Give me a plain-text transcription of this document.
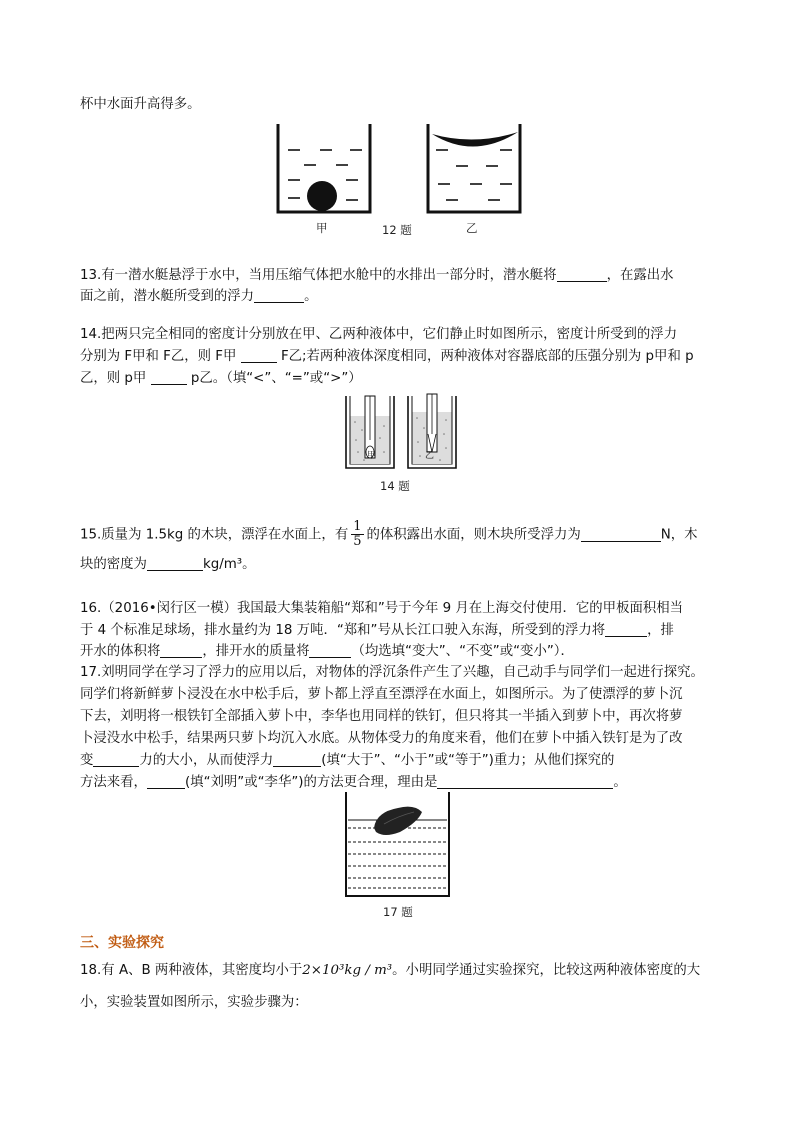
杯中水面升高得多。
甲	12 题	乙
13.有一潜水艇悬浮于水中，当用压缩气体把水舱中的水排出一部分时，潜水艇将	，在露出水
面之前，潜水艇所受到的浮力	。
14.把两只完全相同的密度计分别放在甲、乙两种液体中，它们静止时如图所示，密度计所受到的浮力
分别为 F甲和 F乙，则 F甲	F乙;若两种液体深度相同，两种液体对容器底部的压强分别为 p甲和 p
乙，则 p甲	p乙。（填“<”、“=”或“>”）
甲	乙
14 题
15.质量为 1.5kg 的木块，漂浮在水面上，有 $\frac{1}{5}$ 的体积露出水面，则木块所受浮力为	N，木
块的密度为	kg/m³。
16.（2016•闵行区一模）我国最大集装箱船“郑和”号于今年 9 月在上海交付使用．它的甲板面积相当
于 4 个标准足球场，排水量约为 18 万吨．“郑和”号从长江口驶入东海，所受到的浮力将	，排
开水的体积将	，排开水的质量将	（均选填“变大”、“不变”或“变小”）．
17.刘明同学在学习了浮力的应用以后，对物体的浮沉条件产生了兴趣，自己动手与同学们一起进行探究。
同学们将新鲜萝卜浸没在水中松手后，萝卜都上浮直至漂浮在水面上，如图所示。为了使漂浮的萝卜沉
下去，刘明将一根铁钉全部插入萝卜中，李华也用同样的铁钉，但只将其一半插入到萝卜中，再次将萝
卜浸没水中松手，结果两只萝卜均沉入水底。从物体受力的角度来看，他们在萝卜中插入铁钉是为了改
变	力的大小，从而使浮力	(填“大于”、“小于”或“等于”)重力；从他们探究的
方法来看，	(填“刘明”或“李华”)的方法更合理，理由是	。
17 题
三、实验探究
18.有 A、B 两种液体，其密度均小于2×10³kg / m³。小明同学通过实验探究，比较这两种液体密度的大
小，实验装置如图所示，实验步骤为：
